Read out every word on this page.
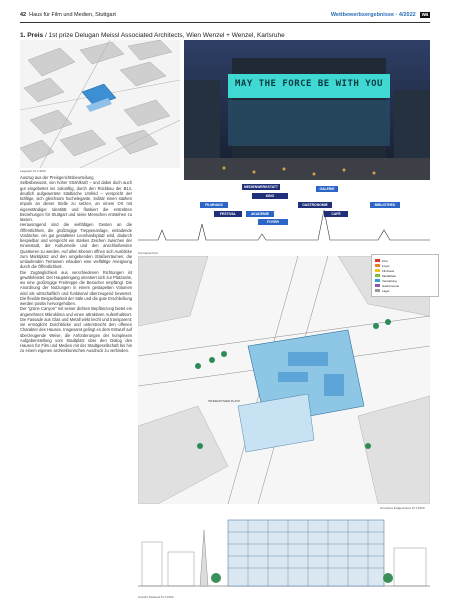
42 Haus für Film und Medien, Stuttgart	Wettbewerbsergebnisse · 4/2022	wa
1. Preis / 1st prize Delugan Meissl Associated Architects, Wien Wenzel + Wenzel, Karlsruhe
Lageplan M 1:4000
MAY THE FORCE BE WITH YOU
MEDIENWERKSTATT	GALERIE
KINO
FILMHAUS	GASTRONOMIE	BIBLIOTHEK
FESTIVAL	AKADEMIE	CAFÉ
FOYER
Konzeptschnitt
INTERAKTIVER PLATZ
Grundriss Erdgeschoss M 1:1500
Kino
Foyer
Filmhaus
Mediathek
Verwaltung
Gastronomie
Lager
Ansicht Südwest M 1:1500

Auszug aus der Preisgerichtsbeurteilung

Selbstbewusst, von hoher Strahlkraft – und dabei doch auch gut eingebettet ins zukünftig, durch den Rückbau der B14, deutlich aufgewertete städtische Umfeld – verspricht der kräftige, sich gleichsam hochelegante, Solitär einen starken Impuls an dieser Stelle zu setzen, an einem Ort mit eigenständiger Identität und flankiert die erstrebten Beziehungen für Stuttgart und seine Menschen entstehen zu lassen.

Herausragend sind die vielfältigen Gesten an die Öffentlichkeit, die großzügige Treppenanlage, einladende Vordächer, ein gut gestalteter Leonhardsplatz wird, dadurch bespielbar und verspricht ein starkes Zeichen zwischen der Innenstadt, der Kulturmeile und den anschließenden Quartieren zu werden. Auf allen Ebenen öffnen sich Ausblicke zum Marktplatz und den umgebenden Straßenräumen, die umlaufenden Terrassen erlauben eine vielfältige Aneignung durch die Öffentlichkeit.

Die Zugänglichkeit aus verschiedenen Richtungen ist gewährleistet. Der Haupteingang orientiert sich zur Platzseite, wo eine großzügige Freitreppe die Besucher empfängt. Die Anordnung der Nutzungen in einem gestapelten Volumen wird als wirtschaftlich und funktional überzeugend bewertet. Die flexible Bespielbarkeit der Säle und die gute Erschließung werden positiv hervorgehoben.

Der "grüne Canyon" mit seiner dichten Bepflanzung bietet ein angenehmes Mikroklima und einen attraktiven Aufenthaltsort. Die Fassade aus Glas und Metall wirkt leicht und transparent; sie ermöglicht Durchblicke und unterstreicht den offenen Charakter des Hauses. Insgesamt gelingt es dem Entwurf auf überzeugende Weise, die Anforderungen der komplexen Aufgabenstellung vom Stadtplatz über den Dialog des Hauses für Film und Medien mit der Stadtgesellschaft bis hin zu einem eigenen architektonischen Ausdruck zu verbinden.
